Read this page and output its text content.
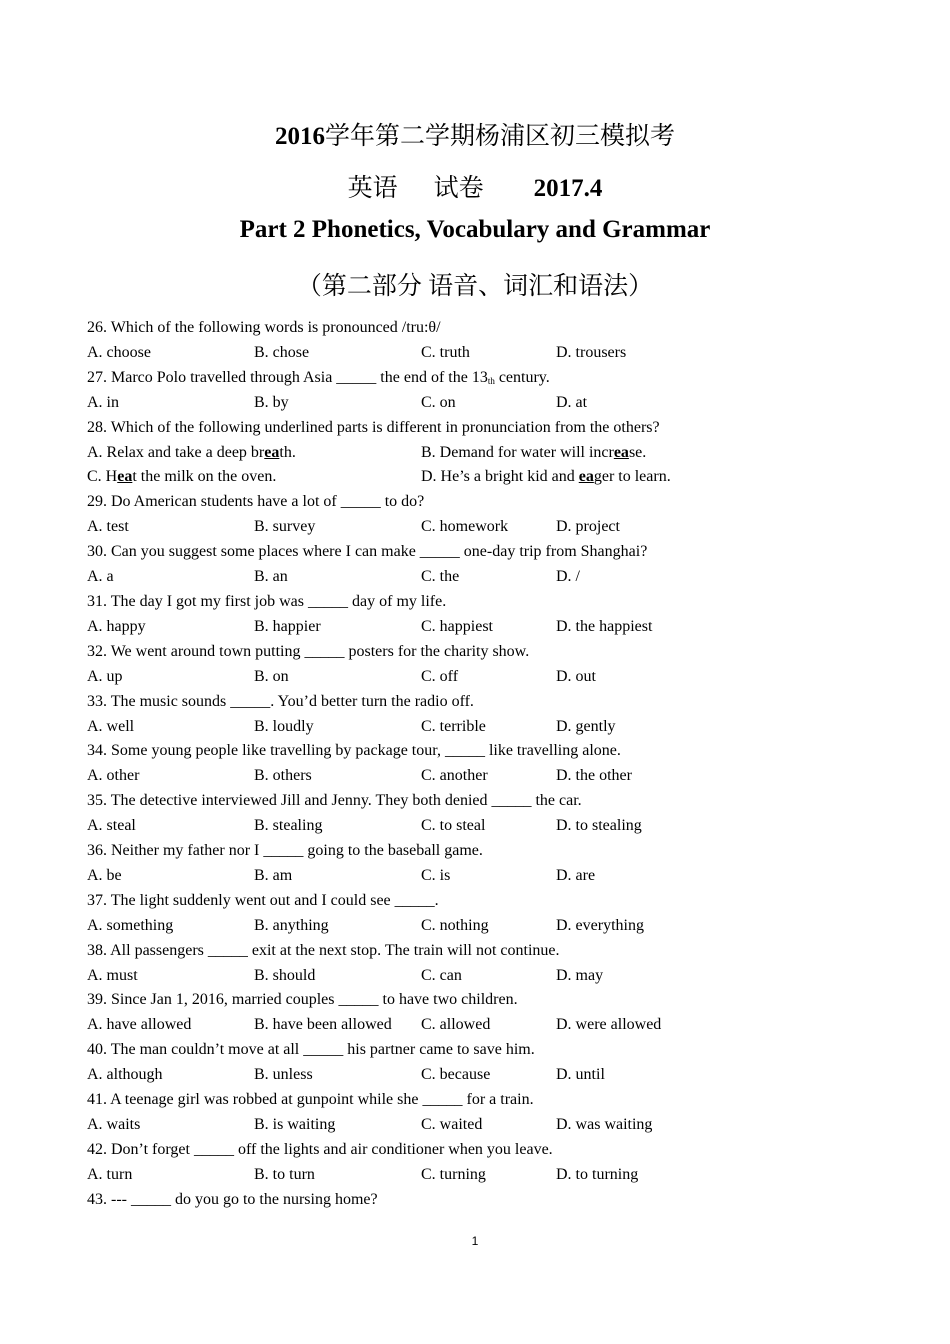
2016学年第二学期杨浦区初三模拟考
英语 试卷 2017.4
Part 2 Phonetics, Vocabulary and Grammar
（第二部分 语音、词汇和语法）
26. Which of the following words is pronounced /tru:θ/
A. choose	B. chose	C. truth	D. trousers
27. Marco Polo travelled through Asia _____ the end of the $13_{th}$ century.
A. in	B. by	C. on	D. at
28. Which of the following underlined parts is different in pronunciation from the others?
A. Relax and take a deep breath.	B. Demand for water will increase.
C. Heat the milk on the oven.	D. He’s a bright kid and eager to learn.
29. Do American students have a lot of _____ to do?
A. test	B. survey	C. homework	D. project
30. Can you suggest some places where I can make _____ one-day trip from Shanghai?
A. a	B. an	C. the	D. /
31. The day I got my first job was _____ day of my life.
A. happy	B. happier	C. happiest	D. the happiest
32. We went around town putting _____ posters for the charity show.
A. up	B. on	C. off	D. out
33. The music sounds _____. You’d better turn the radio off.
A. well	B. loudly	C. terrible	D. gently
34. Some young people like travelling by package tour, _____ like travelling alone.
A. other	B. others	C. another	D. the other
35. The detective interviewed Jill and Jenny. They both denied _____ the car.
A. steal	B. stealing	C. to steal	D. to stealing
36. Neither my father nor I _____ going to the baseball game.
A. be	B. am	C. is	D. are
37. The light suddenly went out and I could see _____.
A. something	B. anything	C. nothing	D. everything
38. All passengers _____ exit at the next stop. The train will not continue.
A. must	B. should	C. can	D. may
39. Since Jan 1, 2016, married couples _____ to have two children.
A. have allowed	B. have been allowed C. allowed	D. were allowed
40. The man couldn’t move at all _____ his partner came to save him.
A. although	B. unless	C. because	D. until
41. A teenage girl was robbed at gunpoint while she _____ for a train.
A. waits	B. is waiting	C. waited	D. was waiting
42. Don’t forget _____ off the lights and air conditioner when you leave.
A. turn	B. to turn	C. turning	D. to turning
43. --- _____ do you go to the nursing home?
1
